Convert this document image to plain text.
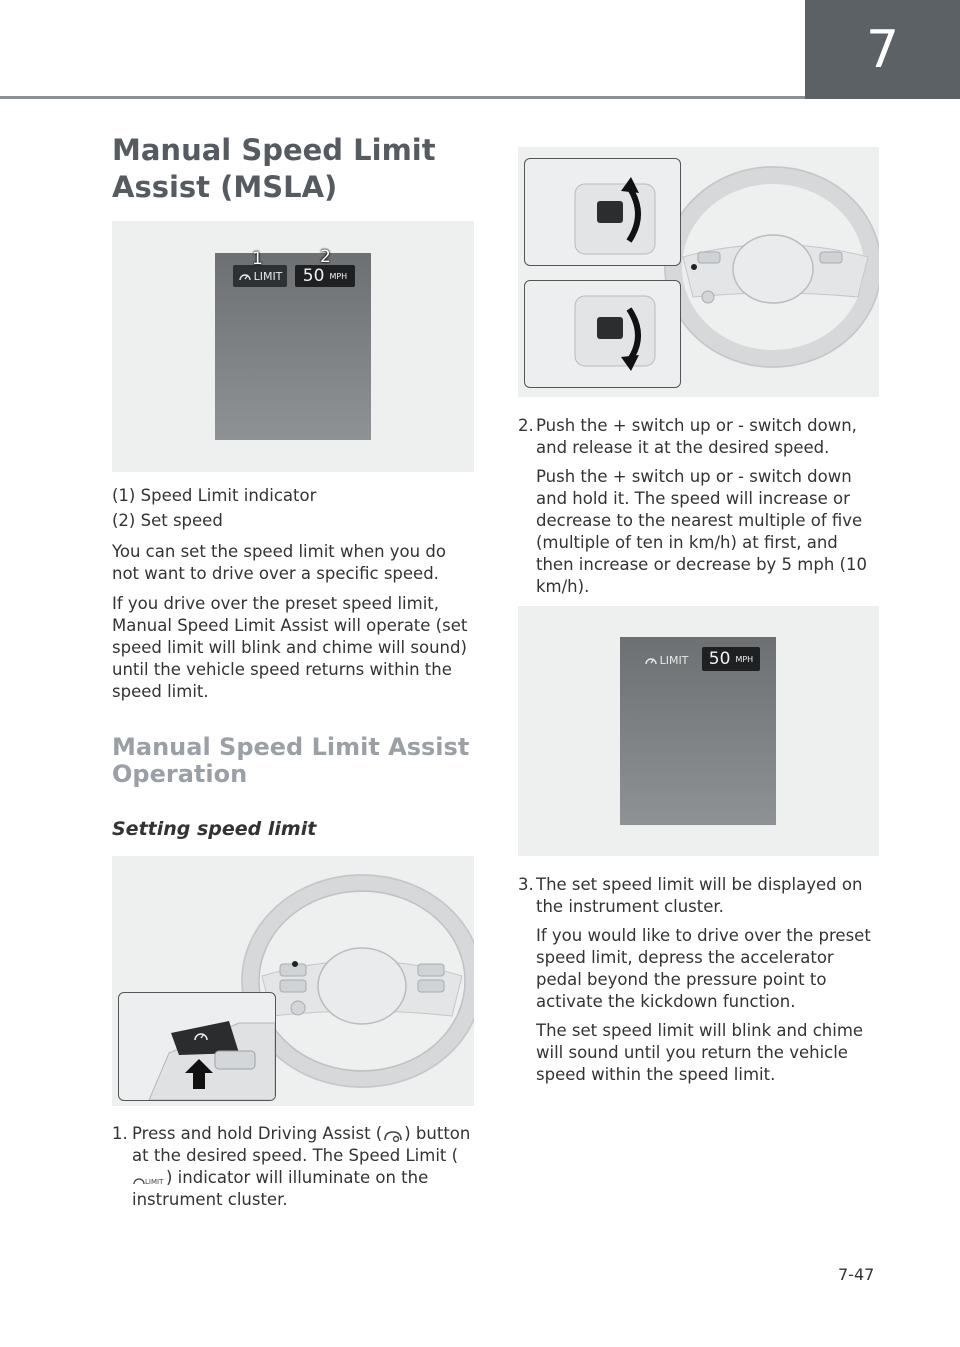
7
Manual Speed Limit
Assist (MSLA)
LIMIT 50 MPH
1	2
(1) Speed Limit indicator
(2) Set speed

You can set the speed limit when you do not want to drive over a specific speed.

If you drive over the preset speed limit, Manual Speed Limit Assist will operate (set speed limit will blink and chime will sound) until the vehicle speed returns within the speed limit.

Manual Speed Limit Assist Operation
Setting speed limit
1. Press and hold Driving Assist ( ) button at the desired speed. The Speed Limit (
LIMIT ) indicator will illuminate on the instrument cluster.
2. Push the + switch up or - switch down, and release it at the desired speed.

Push the + switch up or - switch down and hold it. The speed will increase or decrease to the nearest multiple of five (multiple of ten in km/h) at first, and then increase or decrease by 5 mph (10 km/h).

LIMIT 50 MPH
3. The set speed limit will be displayed on the instrument cluster.

If you would like to drive over the preset speed limit, depress the accelerator pedal beyond the pressure point to activate the kickdown function.

The set speed limit will blink and chime will sound until you return the vehicle speed within the speed limit.

7-47
